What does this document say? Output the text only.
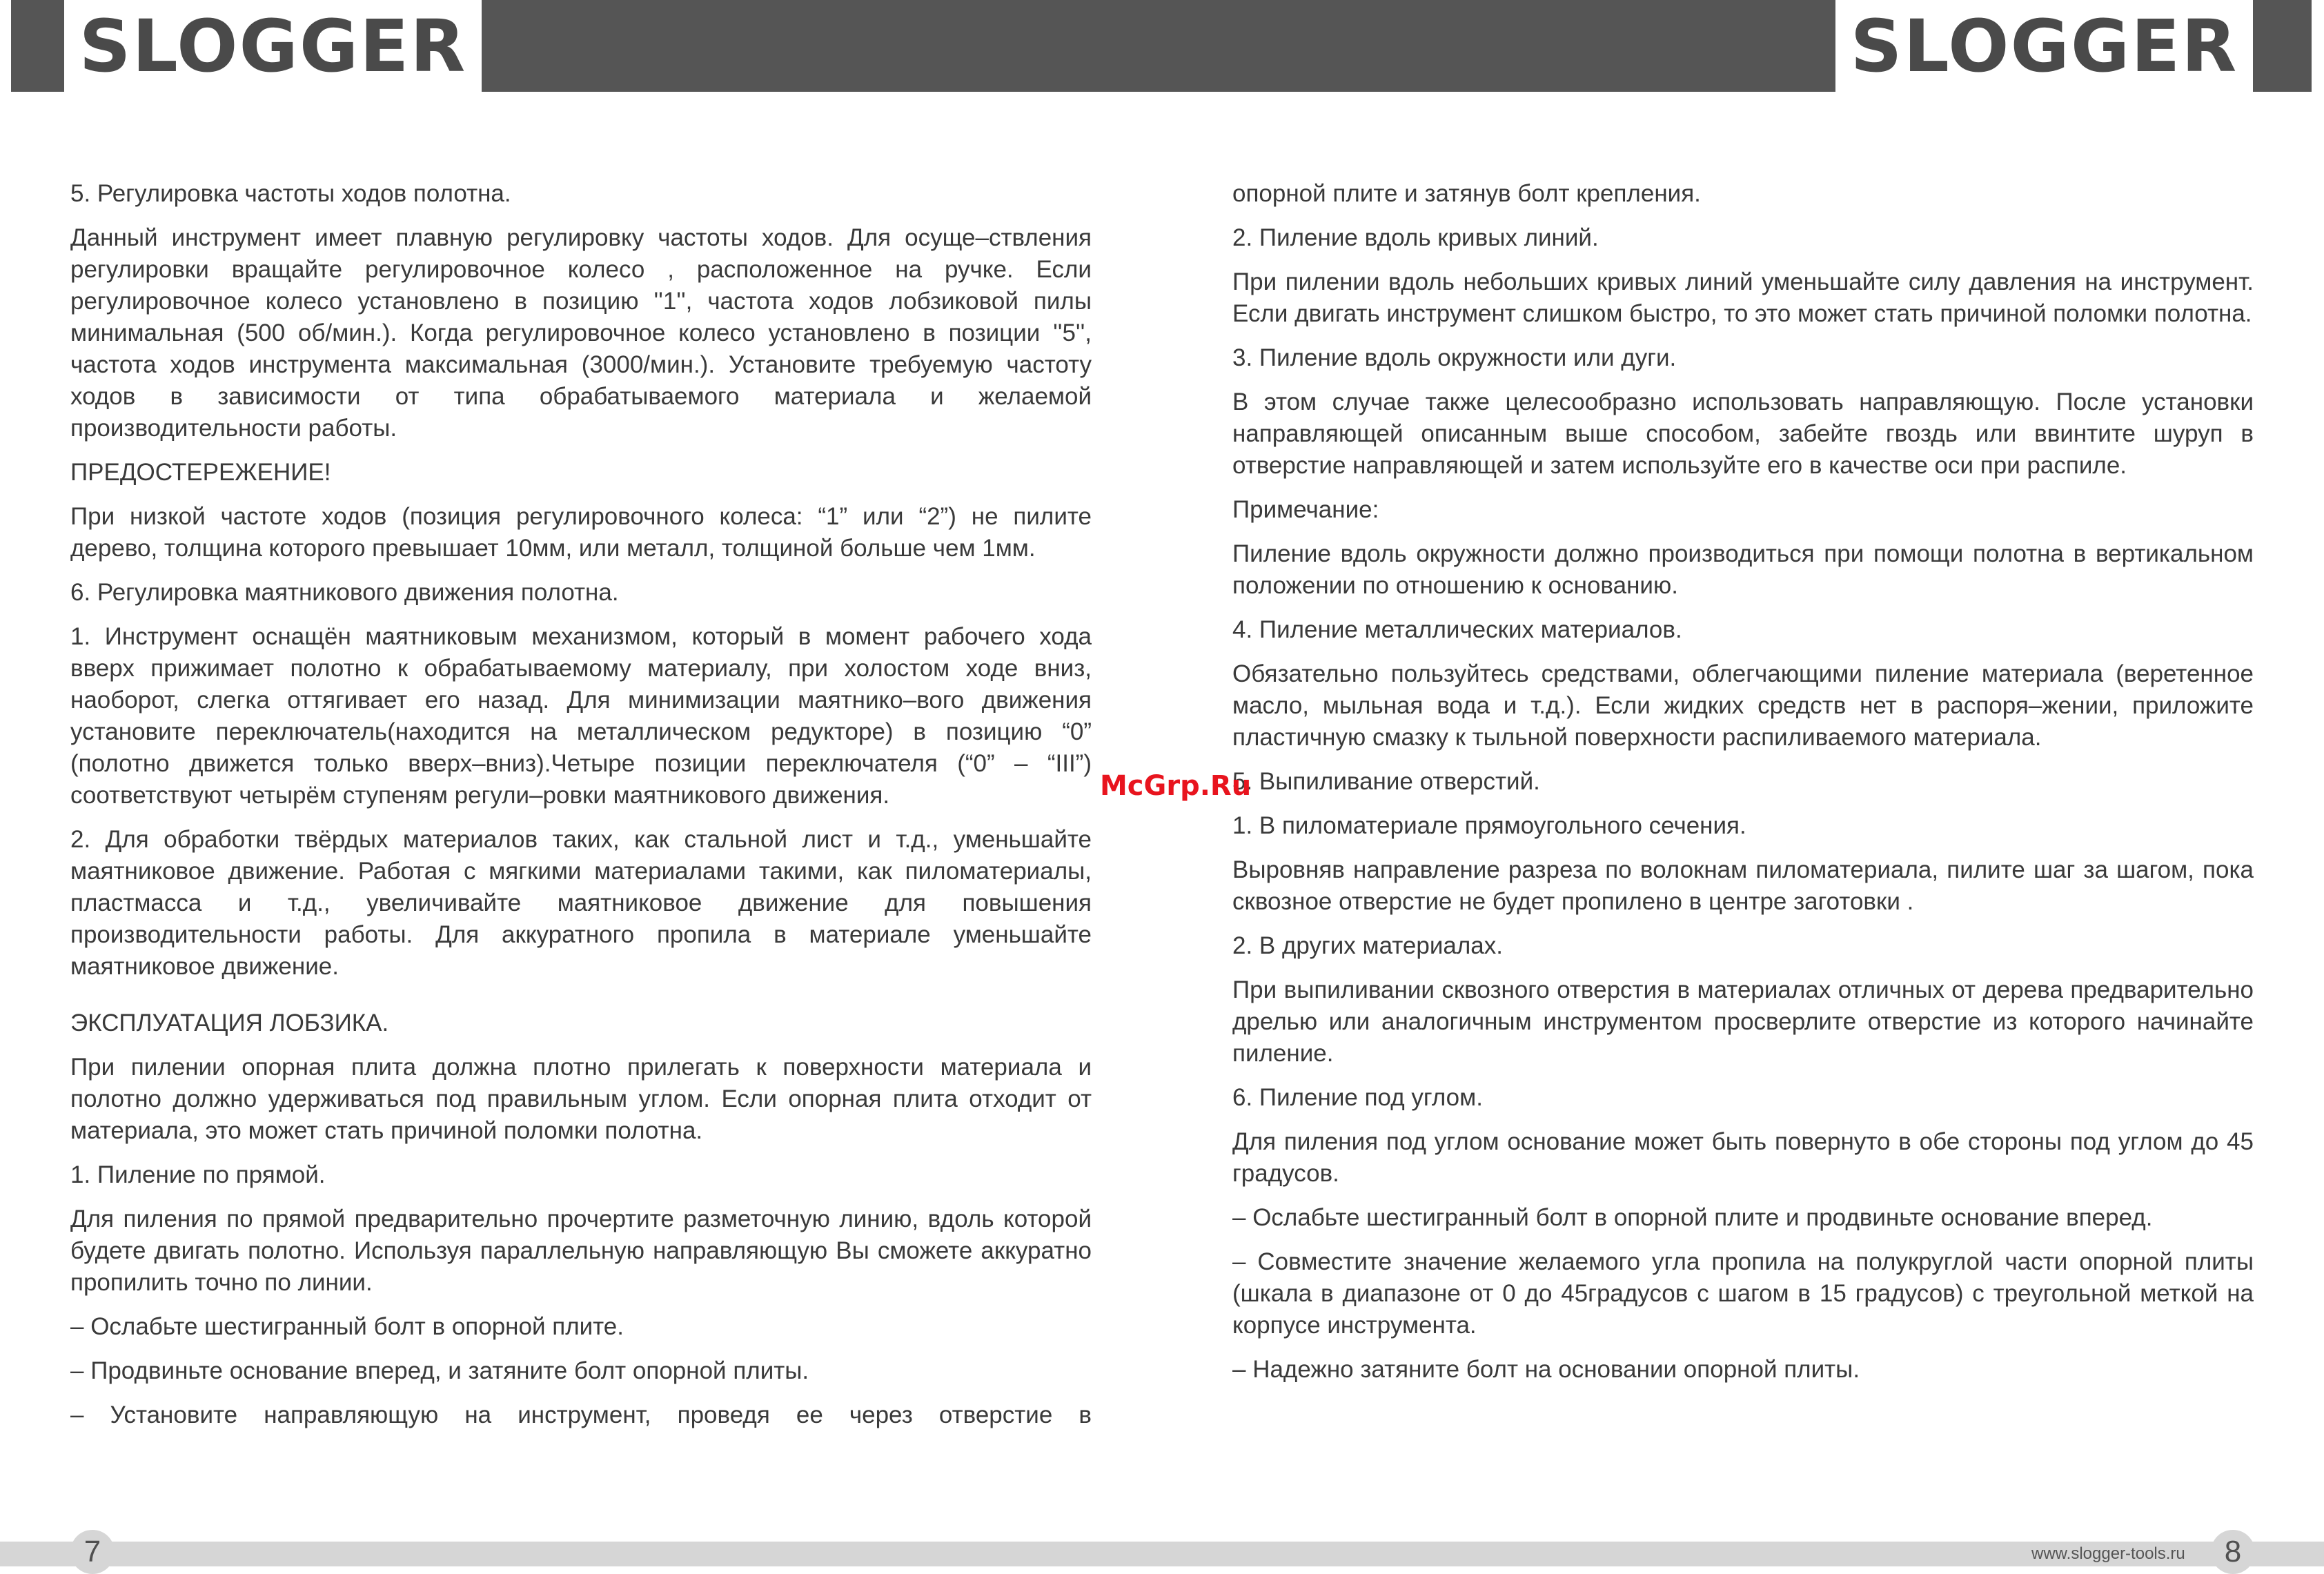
SLOGGER	SLOGGER

5. Регулировка частоты ходов полотна.

Данный инструмент имеет плавную регулировку частоты ходов. Для осуще–ствления регулировки вращайте регулировочное колесо , расположенное на ручке. Если регулировочное колесо установлено в позицию ''1'', частота ходов лобзиковой пилы минимальная (500 об/мин.). Когда регулировочное колесо установлено в позиции ''5'', частота ходов инструмента максимальная (3000/мин.). Установите требуемую частоту ходов в зависимости от типа обрабатываемого материала и желаемой производительности работы.

ПРЕДОСТЕРЕЖЕНИЕ!

При низкой частоте ходов (позиция регулировочного колеса: “1” или “2”) не пилите дерево, толщина которого превышает 10мм, или металл, толщиной больше чем 1мм.

6. Регулировка маятникового движения полотна.

1. Инструмент оснащён маятниковым механизмом, который в момент рабочего хода вверх прижимает полотно к обрабатываемому материалу, при холостом ходе вниз, наоборот, слегка оттягивает его назад. Для минимизации маятнико–вого движения установите переключатель(находится на металлическом редукторе) в позицию “0” (полотно движется только вверх–вниз).Четыре позиции переключателя (“0” – “III”) соответствуют четырём ступеням регули–ровки маятникового движения.

2. Для обработки твёрдых материалов таких, как стальной лист и т.д., уменьшайте маятниковое движение. Работая с мягкими материалами такими, как пиломатериалы, пластмасса и т.д., увеличивайте маятниковое движение для повышения производительности работы. Для аккуратного пропила в материале уменьшайте маятниковое движение.

ЭКСПЛУАТАЦИЯ ЛОБЗИКА.

При пилении опорная плита должна плотно прилегать к поверхности материала и полотно должно удерживаться под правильным углом. Если опорная плита отходит от материала, это может стать причиной поломки полотна.

1. Пиление по прямой.

Для пиления по прямой предварительно прочертите разметочную линию, вдоль которой будете двигать полотно. Используя параллельную направляющую Вы сможете аккуратно пропилить точно по линии.

– Ослабьте шестигранный болт в опорной плите.

– Продвиньте основание вперед, и затяните болт опорной плиты.

– Установите направляющую на инструмент, проведя ее через отверстие в

опорной плите и затянув болт крепления.

2. Пиление вдоль кривых линий.

При пилении вдоль небольших кривых линий уменьшайте силу давления на инструмент. Если двигать инструмент слишком быстро, то это может стать причиной поломки полотна.

3. Пиление вдоль окружности или дуги.

В этом случае также целесообразно использовать направляющую. После установки направляющей описанным выше способом, забейте гвоздь или ввинтите шуруп в отверстие направляющей и затем используйте его в качестве оси при распиле.

Примечание:

Пиление вдоль окружности должно производиться при помощи полотна в вертикальном положении по отношению к основанию.

4. Пиление металлических материалов.

Обязательно пользуйтесь средствами, облегчающими пиление материала (веретенное масло, мыльная вода и т.д.). Если жидких средств нет в распоря–жении, приложите пластичную смазку к тыльной поверхности распиливаемого материала.

5. Выпиливание отверстий.

1. В пиломатериале прямоугольного сечения.

Выровняв направление разреза по волокнам пиломатериала, пилите шаг за шагом, пока сквозное отверстие не будет пропилено в центре заготовки .

2. В других материалах.

При выпиливании сквозного отверстия в материалах отличных от дерева предварительно дрелью или аналогичным инструментом просверлите отверстие из которого начинайте пиление.

6. Пиление под углом.

Для пиления под углом основание может быть повернуто в обе стороны под углом до 45 градусов.

– Ослабьте шестигранный болт в опорной плите и продвиньте основание вперед.

– Совместите значение желаемого угла пропила на полукруглой части опорной плиты (шкала в диапазоне от 0 до 45градусов с шагом в 15 градусов) с треугольной меткой на корпусе инструмента.

– Надежно затяните болт на основании опорной плиты.

McGrp.Ru
7	www.slogger-tools.ru	8
